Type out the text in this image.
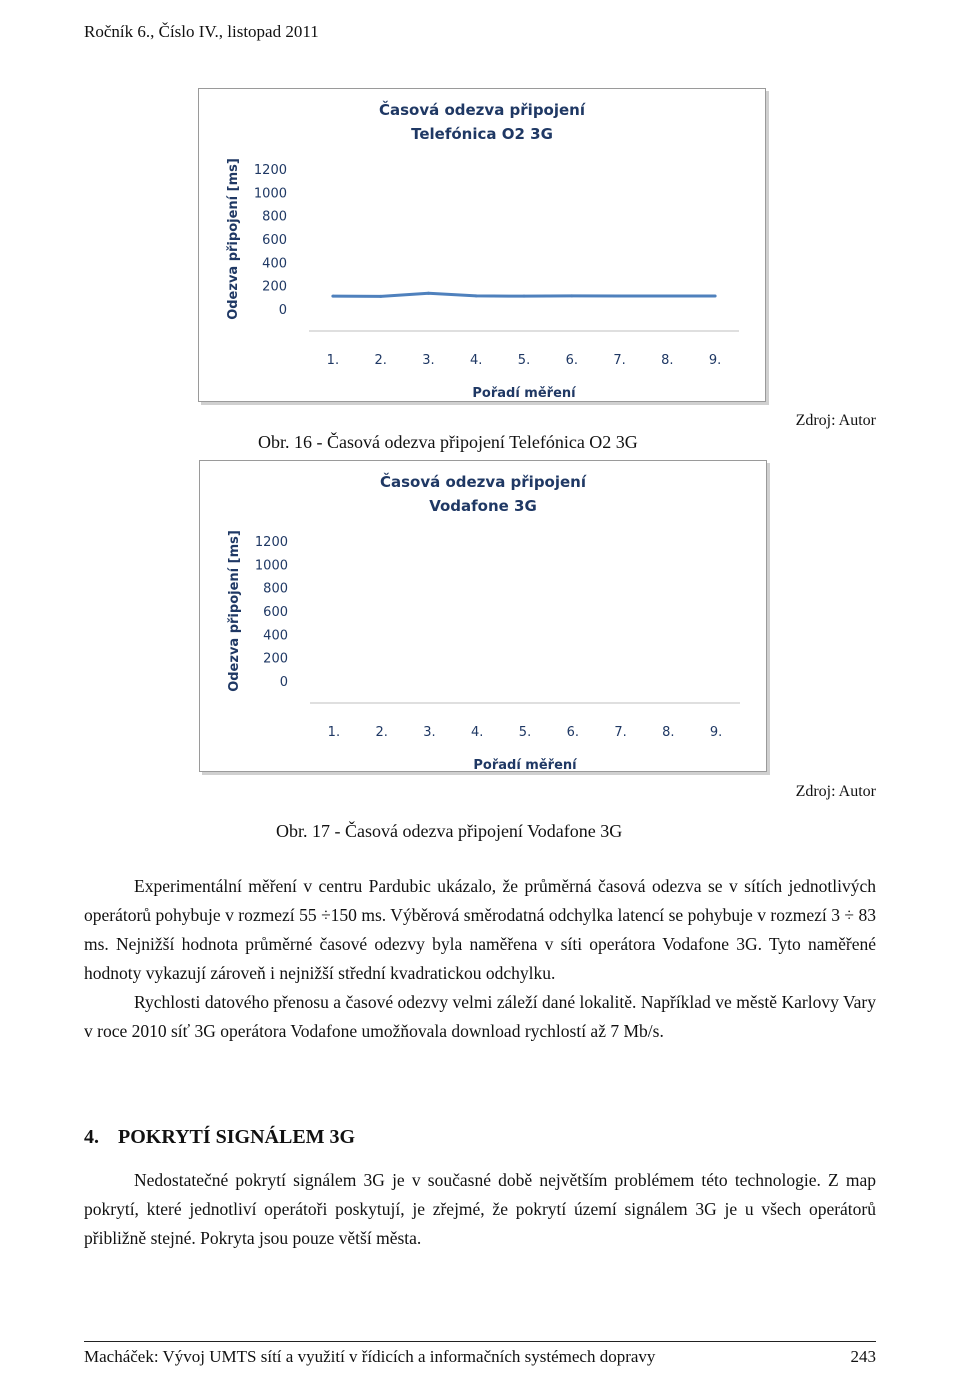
Ročník 6., Číslo IV., listopad 2011
Časová odezva připojení
Telefónica O2 3G
0
200
400
600
800
1000
1200
Odezva připojení [ms]
1.	2.	3.	4.	5.	6.	7.	8.	9.
Pořadí měření
Zdroj: Autor
Obr. 16 - Časová odezva připojení Telefónica O2 3G
Časová odezva připojení
Vodafone 3G
0
200
400
600
800
1000
1200
Odezva připojení [ms]
1.	2.	3.	4.	5.	6.	7.	8.	9.
Pořadí měření
Zdroj: Autor
Obr. 17 - Časová odezva připojení Vodafone 3G

Experimentální měření v centru Pardubic ukázalo, že průměrná časová odezva se v sítích jednotlivých operátorů pohybuje v rozmezí 55 ÷150 ms. Výběrová směrodatná odchylka latencí se pohybuje v rozmezí 3 ÷ 83 ms. Nejnižší hodnota průměrné časové odezvy byla naměřena v síti operátora Vodafone 3G. Tyto naměřené hodnoty vykazují zároveň i nejnižší střední kvadratickou odchylku.

Rychlosti datového přenosu a časové odezvy velmi záleží dané lokalitě. Například ve městě Karlovy Vary v roce 2010 síť 3G operátora Vodafone umožňovala download rychlostí až 7 Mb/s.

4. POKRYTÍ SIGNÁLEM 3G

Nedostatečné pokrytí signálem 3G je v současné době největším problémem této technologie. Z map pokrytí, které jednotliví operátoři poskytují, je zřejmé, že pokrytí území signálem 3G je u všech operátorů přibližně stejné. Pokryta jsou pouze větší města.

Macháček: Vývoj UMTS sítí a využití v řídicích a informačních systémech dopravy	243
